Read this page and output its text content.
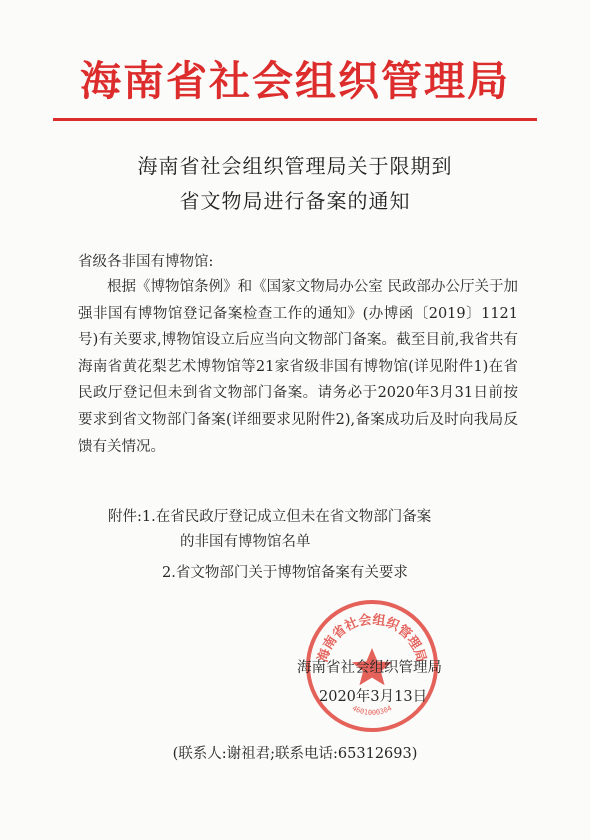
海南省社会组织管理局
海南省社会组织管理局关于限期到
省文物局进行备案的通知
省级各非国有博物馆:
根据《博物馆条例》和《国家文物局办公室 民政部办公厅关于加强非国有博物馆登记备案检查工作的通知》(办博函〔2019〕1121号)有关要求,博物馆设立后应当向文物部门备案。截至目前,我省共有海南省黄花梨艺术博物馆等21家省级非国有博物馆(详见附件1)在省民政厅登记但未到省文物部门备案。请务必于2020年3月31日前按要求到省文物部门备案(详细要求见附件2),备案成功后及时向我局反馈有关情况。
附件:1.在省民政厅登记成立但未在省文物部门备案
的非国有博物馆名单
2.省文物部门关于博物馆备案有关要求
海南省社会组织管理局
4601000304
海南省社会组织管理局
2020年3月13日
(联系人:谢祖君;联系电话:65312693)
